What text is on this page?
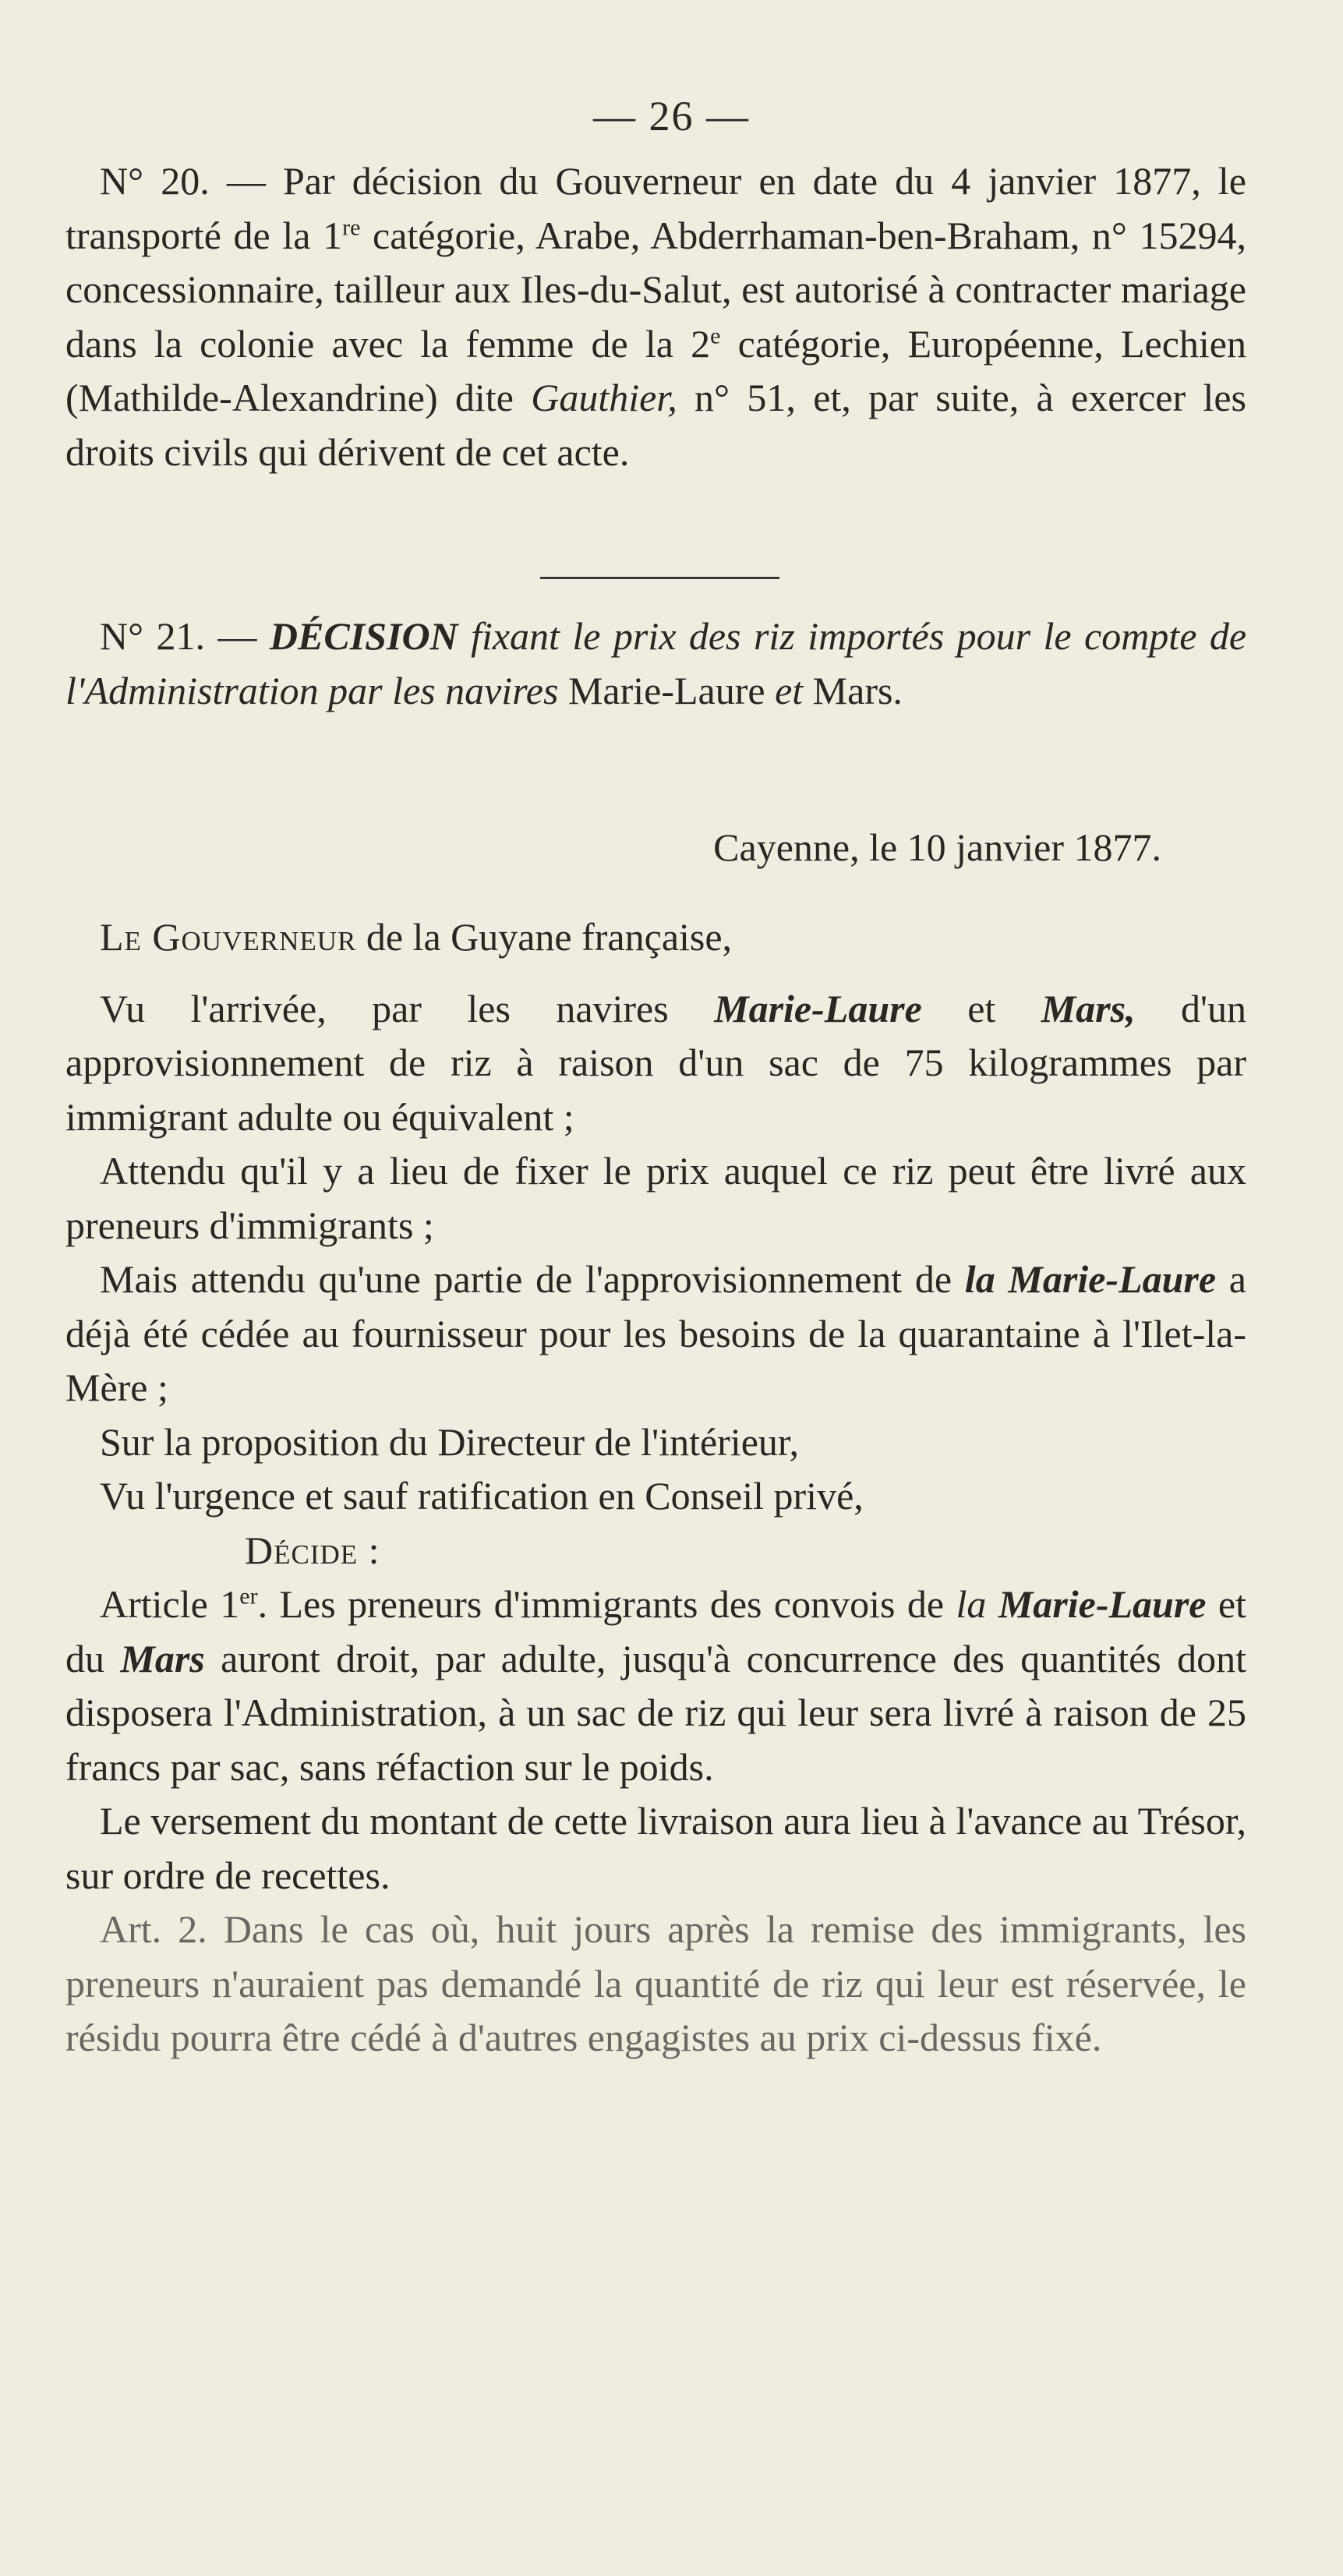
— 26 —

N° 20. — Par décision du Gouverneur en date du 4 janvier 1877, le transporté de la 1re catégorie, Arabe, Abderrhaman-ben-Braham, n° 15294, concessionnaire, tailleur aux Iles-du-Salut, est autorisé à contracter mariage dans la colonie avec la femme de la 2e catégorie, Européenne, Lechien (Mathilde-Alexandrine) dite Gauthier, n° 51, et, par suite, à exercer les droits civils qui dérivent de cet acte.

N° 21. — DÉCISION fixant le prix des riz importés pour le compte de l'Administration par les navires Marie-Laure et Mars.

Cayenne, le 10 janvier 1877.

Le Gouverneur de la Guyane française,

Vu l'arrivée, par les navires Marie-Laure et Mars, d'un approvisionnement de riz à raison d'un sac de 75 kilogrammes par immigrant adulte ou équivalent ;

Attendu qu'il y a lieu de fixer le prix auquel ce riz peut être livré aux preneurs d'immigrants ;

Mais attendu qu'une partie de l'approvisionnement de la Marie-Laure a déjà été cédée au fournisseur pour les besoins de la quarantaine à l'Ilet-la-Mère ;

Sur la proposition du Directeur de l'intérieur,

Vu l'urgence et sauf ratification en Conseil privé,

Décide :

Article 1er. Les preneurs d'immigrants des convois de la Marie-Laure et du Mars auront droit, par adulte, jusqu'à concurrence des quantités dont disposera l'Administration, à un sac de riz qui leur sera livré à raison de 25 francs par sac, sans réfaction sur le poids.

Le versement du montant de cette livraison aura lieu à l'avance au Trésor, sur ordre de recettes.

Art. 2. Dans le cas où, huit jours après la remise des immigrants, les preneurs n'auraient pas demandé la quantité de riz qui leur est réservée, le résidu pourra être cédé à d'autres engagistes au prix ci-dessus fixé.
